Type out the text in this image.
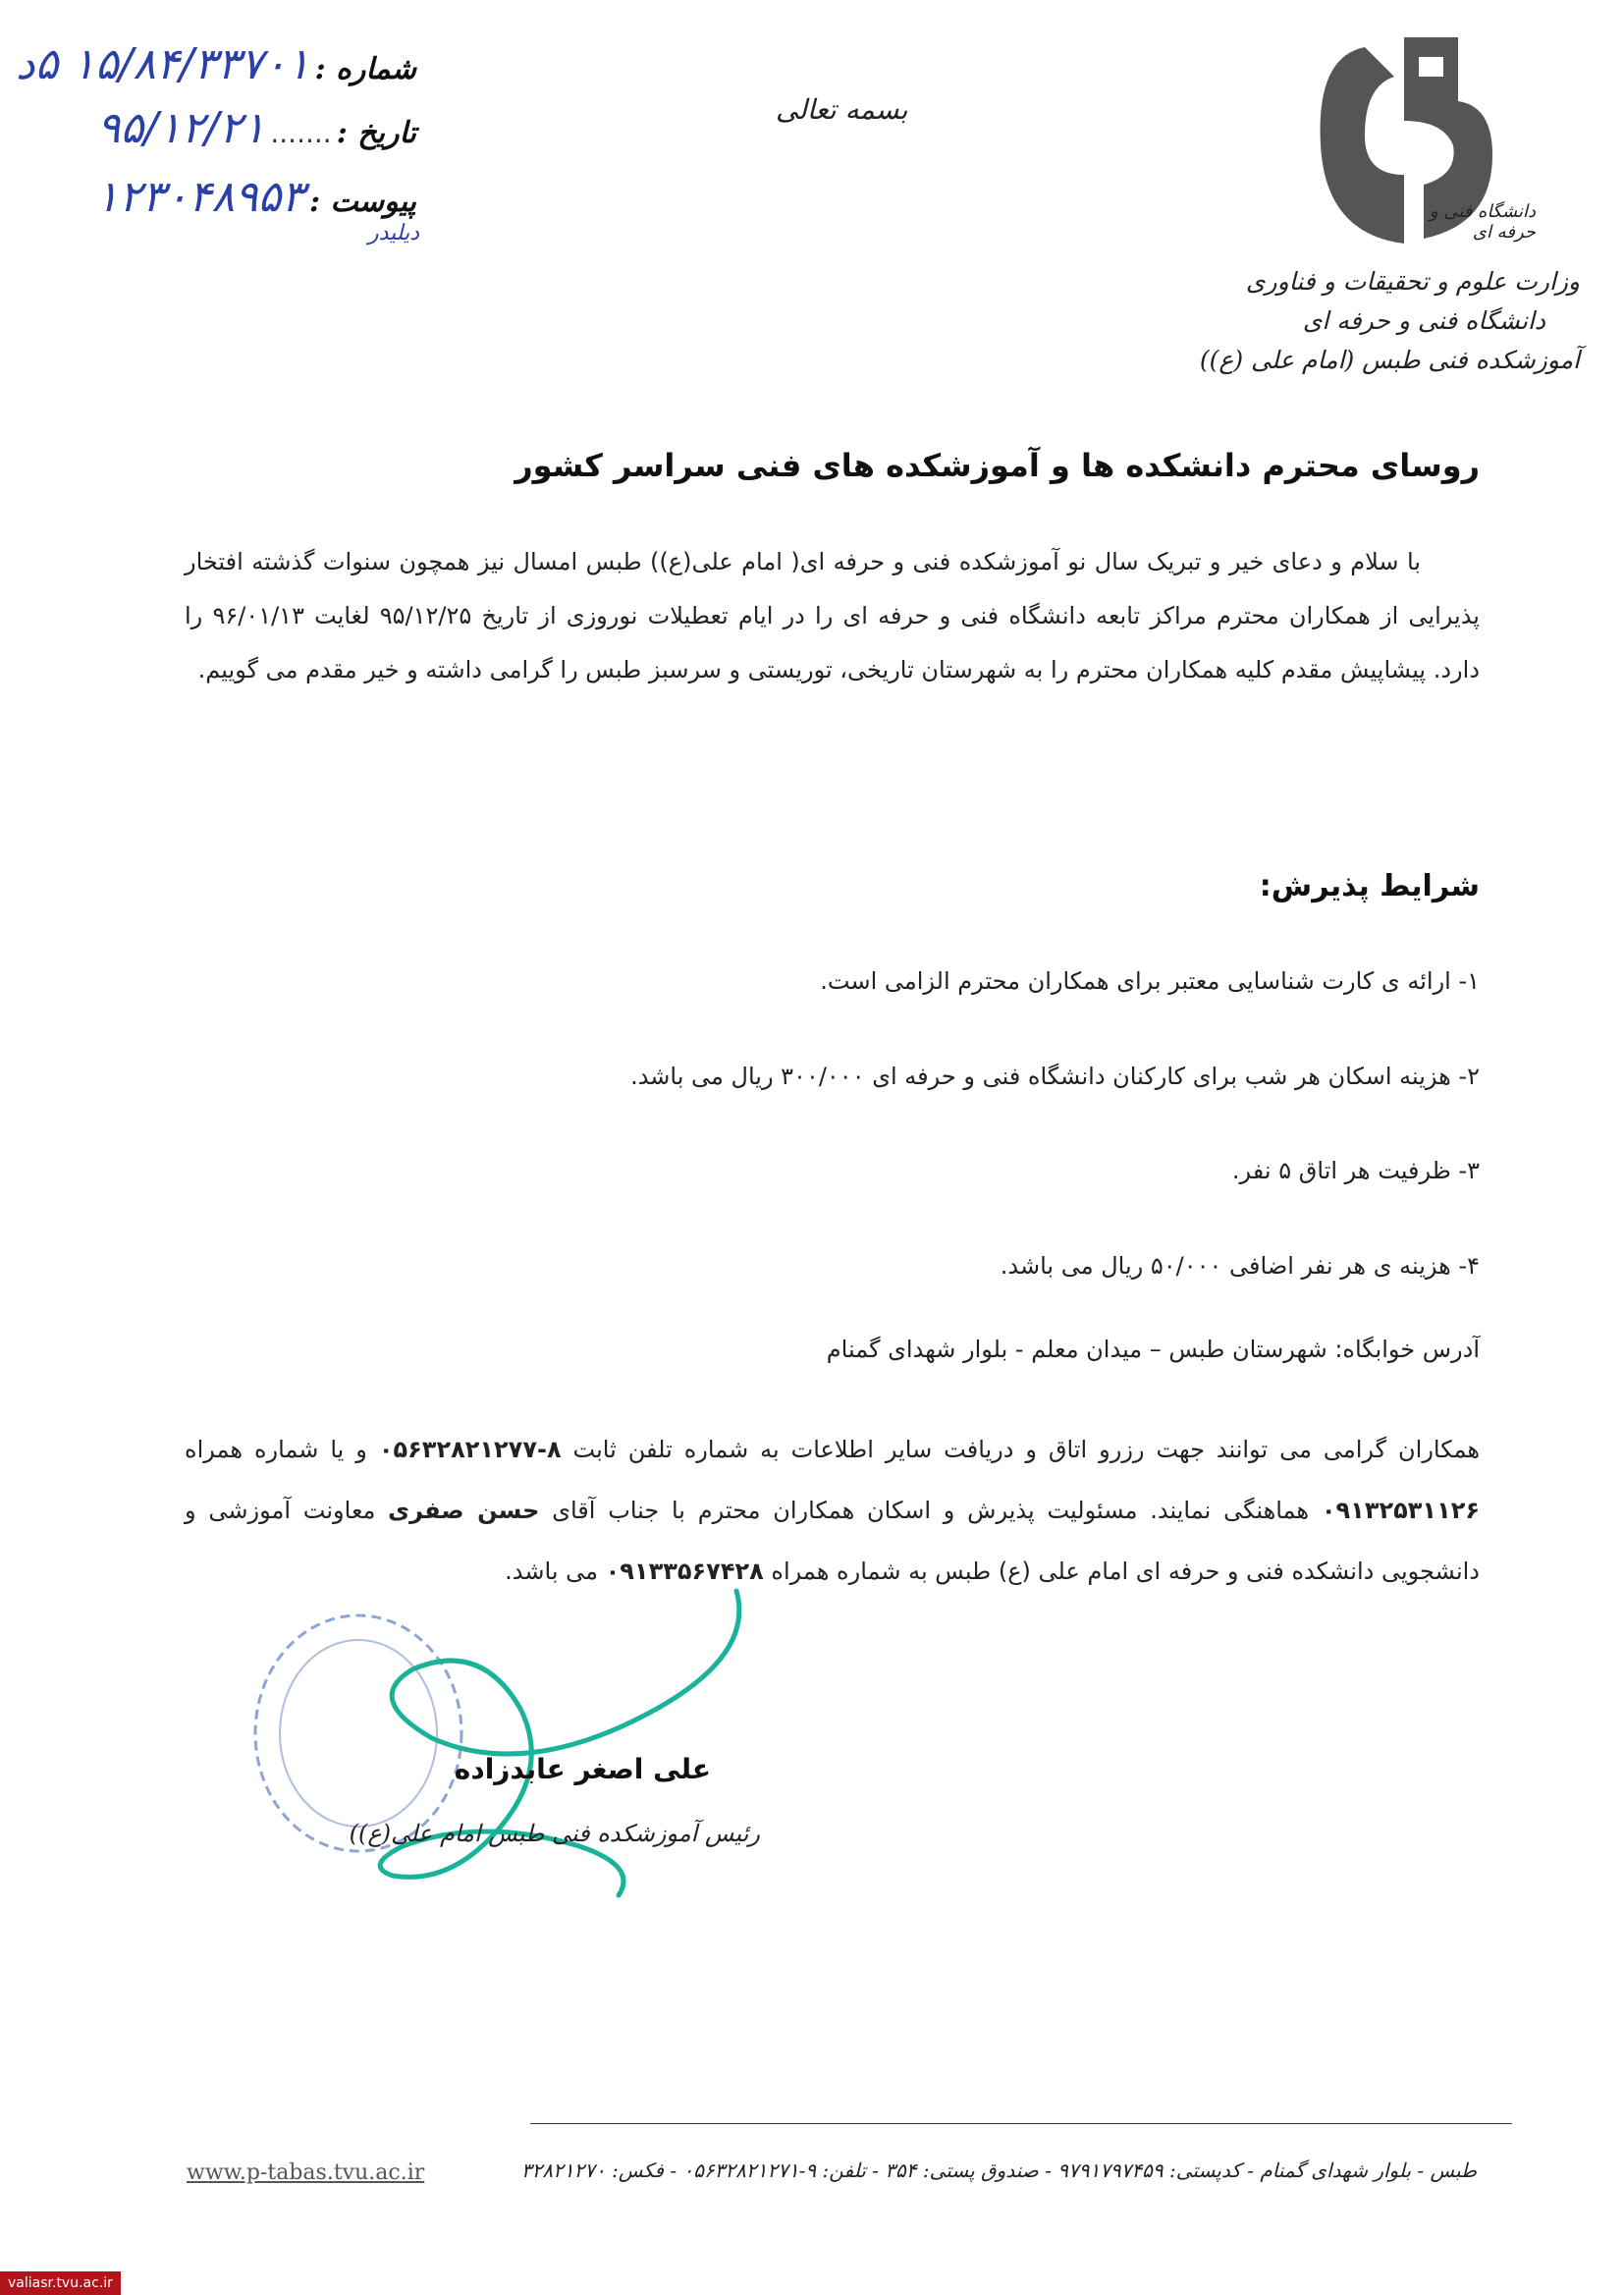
شماره : ۱۵/۸۴/۳۳۷۰۱ ۵د
تاریخ : ....... ۹۵/۱۲/۲۱
پیوست : ۱۲۳۰۴۸۹۵۳
دیلیدر
بسمه تعالی
دانشگاه فنی و حرفه ای
وزارت علوم و تحقیقات و فناوری
دانشگاه فنی و حرفه ای
آموزشکده فنی طبس (امام علی (ع))
روسای محترم دانشکده ها و آموزشکده های فنی سراسر کشور
با سلام و دعای خیر و تبریک سال نو آموزشکده فنی و حرفه ای( امام علی(ع)) طبس امسال نیز همچون سنوات گذشته افتخار پذیرایی از همکاران محترم مراکز تابعه دانشگاه فنی و حرفه ای را در ایام تعطیلات نوروزی از تاریخ ۹۵/۱۲/۲۵ لغایت ۹۶/۰۱/۱۳ را دارد. پیشاپیش مقدم کلیه همکاران محترم را به شهرستان تاریخی، توریستی و سرسبز طبس را گرامی داشته و خیر مقدم می گوییم.
شرایط پذیرش:
۱- ارائه ی کارت شناسایی معتبر برای همکاران محترم الزامی است.
۲- هزینه اسکان هر شب برای کارکنان دانشگاه فنی و حرفه ای ۳۰۰/۰۰۰ ریال می باشد.
۳- ظرفیت هر اتاق ۵ نفر.
۴- هزینه ی هر نفر اضافی ۵۰/۰۰۰ ریال می باشد.
آدرس خوابگاه: شهرستان طبس – میدان معلم - بلوار شهدای گمنام
همکاران گرامی می توانند جهت رزرو اتاق و دریافت سایر اطلاعات به شماره تلفن ثابت ۸-۰۵۶۳۲۸۲۱۲۷۷ و یا شماره همراه ۰۹۱۳۲۵۳۱۱۲۶ هماهنگی نمایند. مسئولیت پذیرش و اسکان همکاران محترم با جناب آقای حسن صفری معاونت آموزشی و دانشجویی دانشکده فنی و حرفه ای امام علی (ع) طبس به شماره همراه ۰۹۱۳۳۵۶۷۴۲۸ می باشد.
علی اصغر عابدزاده
رئیس آموزشکده فنی طبس امام علی(ع))
www.p-tabas.tvu.ac.ir	طبس - بلوار شهدای گمنام - کدپستی: ۹۷۹۱۷۹۷۴۵۹ - صندوق پستی: ۳۵۴ - تلفن: ۹-۰۵۶۳۲۸۲۱۲۷۱ - فکس: ۳۲۸۲۱۲۷۰
valiasr.tvu.ac.ir
